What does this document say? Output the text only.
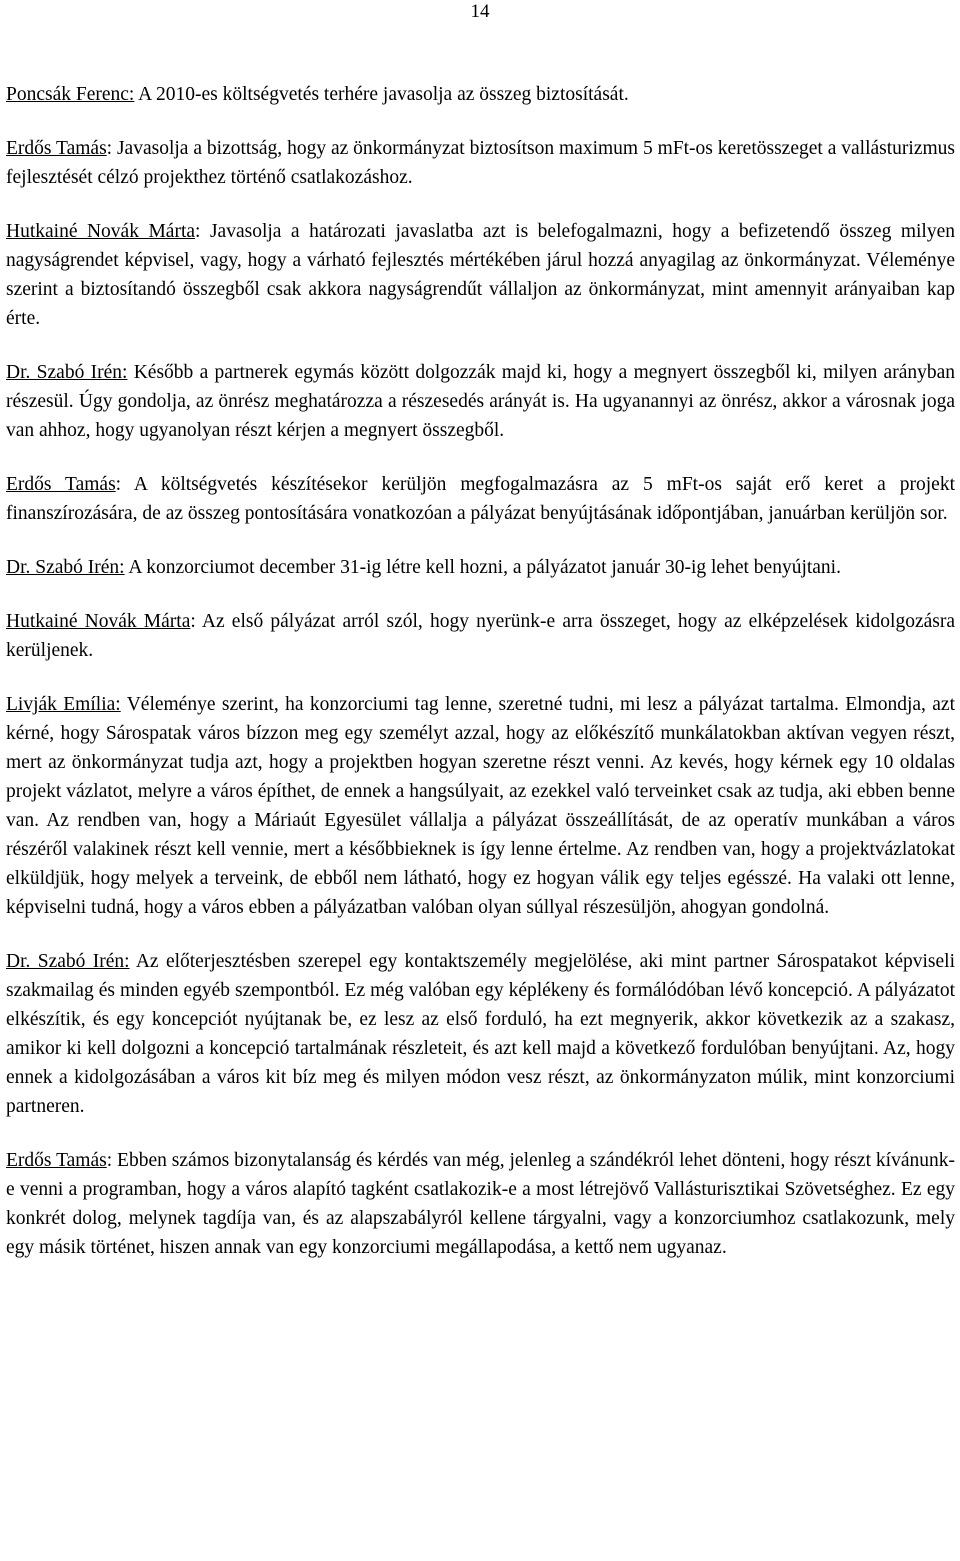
14

Poncsák Ferenc: A 2010-es költségvetés terhére javasolja az összeg biztosítását.

Erdős Tamás: Javasolja a bizottság, hogy az önkormányzat biztosítson maximum 5 mFt-os keretösszeget a vallásturizmus fejlesztését célzó projekthez történő csatlakozáshoz.

Hutkainé Novák Márta: Javasolja a határozati javaslatba azt is belefogalmazni, hogy a befizetendő összeg milyen nagyságrendet képvisel, vagy, hogy a várható fejlesztés mértékében járul hozzá anyagilag az önkormányzat. Véleménye szerint a biztosítandó összegből csak akkora nagyságrendűt vállaljon az önkormányzat, mint amennyit arányaiban kap érte.

Dr. Szabó Irén: Később a partnerek egymás között dolgozzák majd ki, hogy a megnyert összegből ki, milyen arányban részesül. Úgy gondolja, az önrész meghatározza a részesedés arányát is. Ha ugyanannyi az önrész, akkor a városnak joga van ahhoz, hogy ugyanolyan részt kérjen a megnyert összegből.

Erdős Tamás: A költségvetés készítésekor kerüljön megfogalmazásra az 5 mFt-os saját erő keret a projekt finanszírozására, de az összeg pontosítására vonatkozóan a pályázat benyújtásának időpontjában, januárban kerüljön sor.

Dr. Szabó Irén: A konzorciumot december 31-ig létre kell hozni, a pályázatot január 30-ig lehet benyújtani.

Hutkainé Novák Márta: Az első pályázat arról szól, hogy nyerünk-e arra összeget, hogy az elképzelések kidolgozásra kerüljenek.

Livják Emília: Véleménye szerint, ha konzorciumi tag lenne, szeretné tudni, mi lesz a pályázat tartalma. Elmondja, azt kérné, hogy Sárospatak város bízzon meg egy személyt azzal, hogy az előkészítő munkálatokban aktívan vegyen részt, mert az önkormányzat tudja azt, hogy a projektben hogyan szeretne részt venni. Az kevés, hogy kérnek egy 10 oldalas projekt vázlatot, melyre a város építhet, de ennek a hangsúlyait, az ezekkel való terveinket csak az tudja, aki ebben benne van. Az rendben van, hogy a Máriaút Egyesület vállalja a pályázat összeállítását, de az operatív munkában a város részéről valakinek részt kell vennie, mert a későbbieknek is így lenne értelme. Az rendben van, hogy a projektvázlatokat elküldjük, hogy melyek a terveink, de ebből nem látható, hogy ez hogyan válik egy teljes egésszé. Ha valaki ott lenne, képviselni tudná, hogy a város ebben a pályázatban valóban olyan súllyal részesüljön, ahogyan gondolná.

Dr. Szabó Irén: Az előterjesztésben szerepel egy kontaktszemély megjelölése, aki mint partner Sárospatakot képviseli szakmailag és minden egyéb szempontból. Ez még valóban egy képlékeny és formálódóban lévő koncepció. A pályázatot elkészítik, és egy koncepciót nyújtanak be, ez lesz az első forduló, ha ezt megnyerik, akkor következik az a szakasz, amikor ki kell dolgozni a koncepció tartalmának részleteit, és azt kell majd a következő fordulóban benyújtani. Az, hogy ennek a kidolgozásában a város kit bíz meg és milyen módon vesz részt, az önkormányzaton múlik, mint konzorciumi partneren.

Erdős Tamás: Ebben számos bizonytalanság és kérdés van még, jelenleg a szándékról lehet dönteni, hogy részt kívánunk-e venni a programban, hogy a város alapító tagként csatlakozik-e a most létrejövő Vallásturisztikai Szövetséghez. Ez egy konkrét dolog, melynek tagdíja van, és az alapszabályról kellene tárgyalni, vagy a konzorciumhoz csatlakozunk, mely egy másik történet, hiszen annak van egy konzorciumi megállapodása, a kettő nem ugyanaz.
